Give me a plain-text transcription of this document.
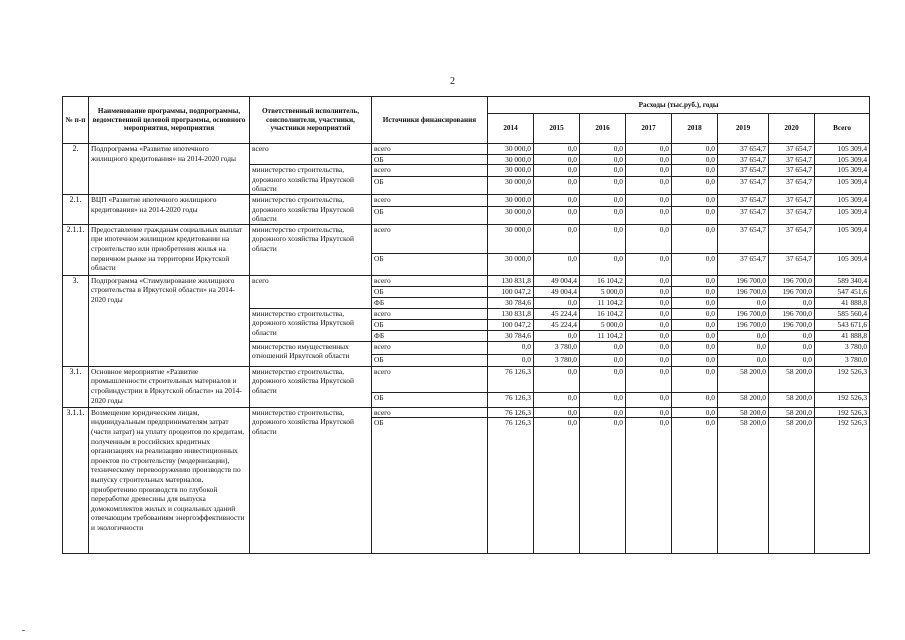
2
№ п-п	Наименование программы, подпрограммы, ведомственной целевой программы, основного мероприятия, мероприятия	Ответственный исполнитель, соисполнители, участники, участники мероприятий	Источники финансирования	Расходы (тыс.руб.), годы							
				2014	2015	2016	2017	2018	2019	2020	Всего
2.	Подпрограмма «Развитие ипотечного жилищного кредитования» на 2014-2020 годы	всего	всего	30 000,0	0,0	0,0	0,0	0,0	37 654,7	37 654,7	105 309,4
			ОБ	30 000,0	0,0	0,0	0,0	0,0	37 654,7	37 654,7	105 309,4
		министерство строительства, дорожного хозяйства Иркутской области	всего	30 000,0	0,0	0,0	0,0	0,0	37 654,7	37 654,7	105 309,4
			ОБ	30 000,0	0,0	0,0	0,0	0,0	37 654,7	37 654,7	105 309,4
2.1.	ВЦП «Развитие ипотечного жилищного кредитования» на 2014-2020 годы	министерство строительства, дорожного хозяйства Иркутской области	всего	30 000,0	0,0	0,0	0,0	0,0	37 654,7	37 654,7	105 309,4
			ОБ	30 000,0	0,0	0,0	0,0	0,0	37 654,7	37 654,7	105 309,4
2.1.1.	Предоставление гражданам социальных выплат при ипотечном жилищном кредитовании на строительство или приобретения жилья на первичном рынке на территории Иркутской области	министерство строительства, дорожного хозяйства Иркутской области	всего	30 000,0	0,0	0,0	0,0	0,0	37 654,7	37 654,7	105 309,4
			ОБ	30 000,0	0,0	0,0	0,0	0,0	37 654,7	37 654,7	105 309,4
3.	Подпрограмма «Стимулирование жилищного строительства в Иркутской области» на 2014-2020 годы	всего	всего	130 831,8	49 004,4	16 104,2	0,0	0,0	196 700,0	196 700,0	589 340,4
			ОБ	100 047,2	49 004,4	5 000,0	0,0	0,0	196 700,0	196 700,0	547 451,6
			ФБ	30 784,6	0,0	11 104,2	0,0	0,0	0,0	0,0	41 888,8
		министерство строительства, дорожного хозяйства Иркутской области	всего	130 831,8	45 224,4	16 104,2	0,0	0,0	196 700,0	196 700,0	585 560,4
			ОБ	100 047,2	45 224,4	5 000,0	0,0	0,0	196 700,0	196 700,0	543 671,6
			ФБ	30 784,6	0,0	11 104,2	0,0	0,0	0,0	0,0	41 888,8
		министерство имущественных отношений Иркутской области	всего	0,0	3 780,0	0,0	0,0	0,0	0,0	0,0	3 780,0
			ОБ	0,0	3 780,0	0,0	0,0	0,0	0,0	0,0	3 780,0
3.1.	Основное мероприятие «Развитие промышленности строительных материалов и стройиндустрии в Иркутской области» на 2014-2020 годы	министерство строительства, дорожного хозяйства Иркутской области	всего	76 126,3	0,0	0,0	0,0	0,0	58 200,0	58 200,0	192 526,3
			ОБ	76 126,3	0,0	0,0	0,0	0,0	58 200,0	58 200,0	192 526,3
3.1.1.	Возмещение юридическим лицам, индивидуальным предпринимателям затрат (части затрат) на уплату процентов по кредитам, полученным в российских кредитных организациях на реализацию инвестиционных проектов по строительству (модернизации), техническому перевооружению производств по выпуску строительных материалов, приобретению производств по глубокой переработке древесины для выпуска домокомплектов жилых и социальных зданий отвечающим требованиям энергоэффективности и экологичности	министерство строительства, дорожного хозяйства Иркутской области	всего	76 126,3	0,0	0,0	0,0	0,0	58 200,0	58 200,0	192 526,3
			ОБ	76 126,3	0,0	0,0	0,0	0,0	58 200,0	58 200,0	192 526,3
